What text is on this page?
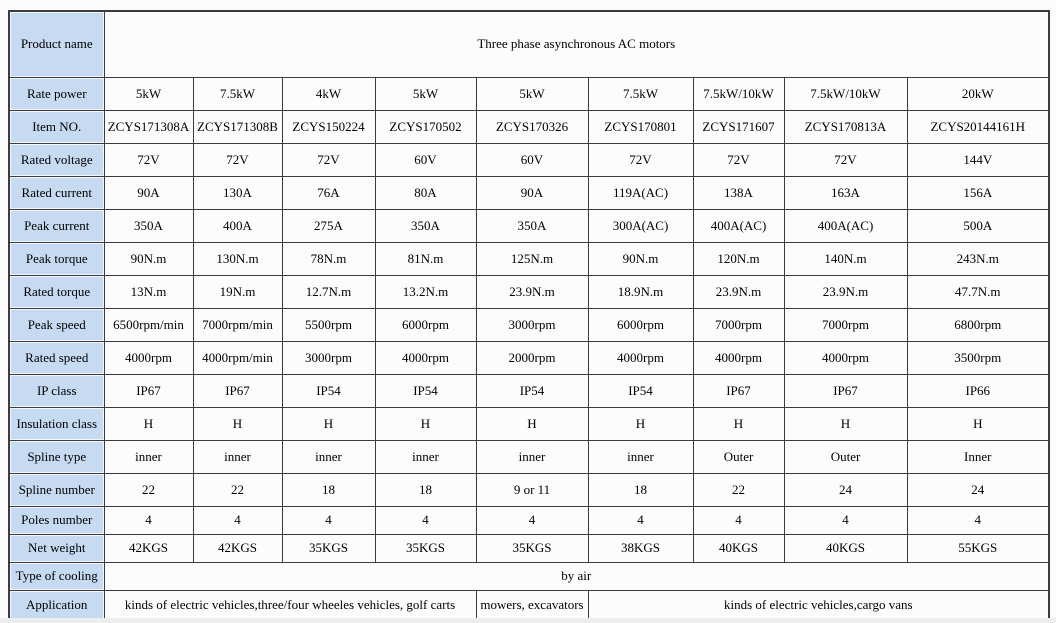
Product name	Three phase asynchronous AC motors								
Rate power	5kW	7.5kW	4kW	5kW	5kW	7.5kW	7.5kW/10kW	7.5kW/10kW	20kW
Item NO.	ZCYS171308A	ZCYS171308B	ZCYS150224	ZCYS170502	ZCYS170326	ZCYS170801	ZCYS171607	ZCYS170813A	ZCYS20144161H
Rated voltage	72V	72V	72V	60V	60V	72V	72V	72V	144V
Rated current	90A	130A	76A	80A	90A	119A(AC)	138A	163A	156A
Peak current	350A	400A	275A	350A	350A	300A(AC)	400A(AC)	400A(AC)	500A
Peak torque	90N.m	130N.m	78N.m	81N.m	125N.m	90N.m	120N.m	140N.m	243N.m
Rated torque	13N.m	19N.m	12.7N.m	13.2N.m	23.9N.m	18.9N.m	23.9N.m	23.9N.m	47.7N.m
Peak speed	6500rpm/min	7000rpm/min	5500rpm	6000rpm	3000rpm	6000rpm	7000rpm	7000rpm	6800rpm
Rated speed	4000rpm	4000rpm/min	3000rpm	4000rpm	2000rpm	4000rpm	4000rpm	4000rpm	3500rpm
IP class	IP67	IP67	IP54	IP54	IP54	IP54	IP67	IP67	IP66
Insulation class	H	H	H	H	H	H	H	H	H
Spline type	inner	inner	inner	inner	inner	inner	Outer	Outer	Inner
Spline number	22	22	18	18	9 or 11	18	22	24	24
Poles number	4	4	4	4	4	4	4	4	4
Net weight	42KGS	42KGS	35KGS	35KGS	35KGS	38KGS	40KGS	40KGS	55KGS
Type of cooling	by air								
Application	kinds of electric vehicles,three/four wheeles vehicles, golf carts				mowers, excavators	kinds of electric vehicles,cargo vans			
